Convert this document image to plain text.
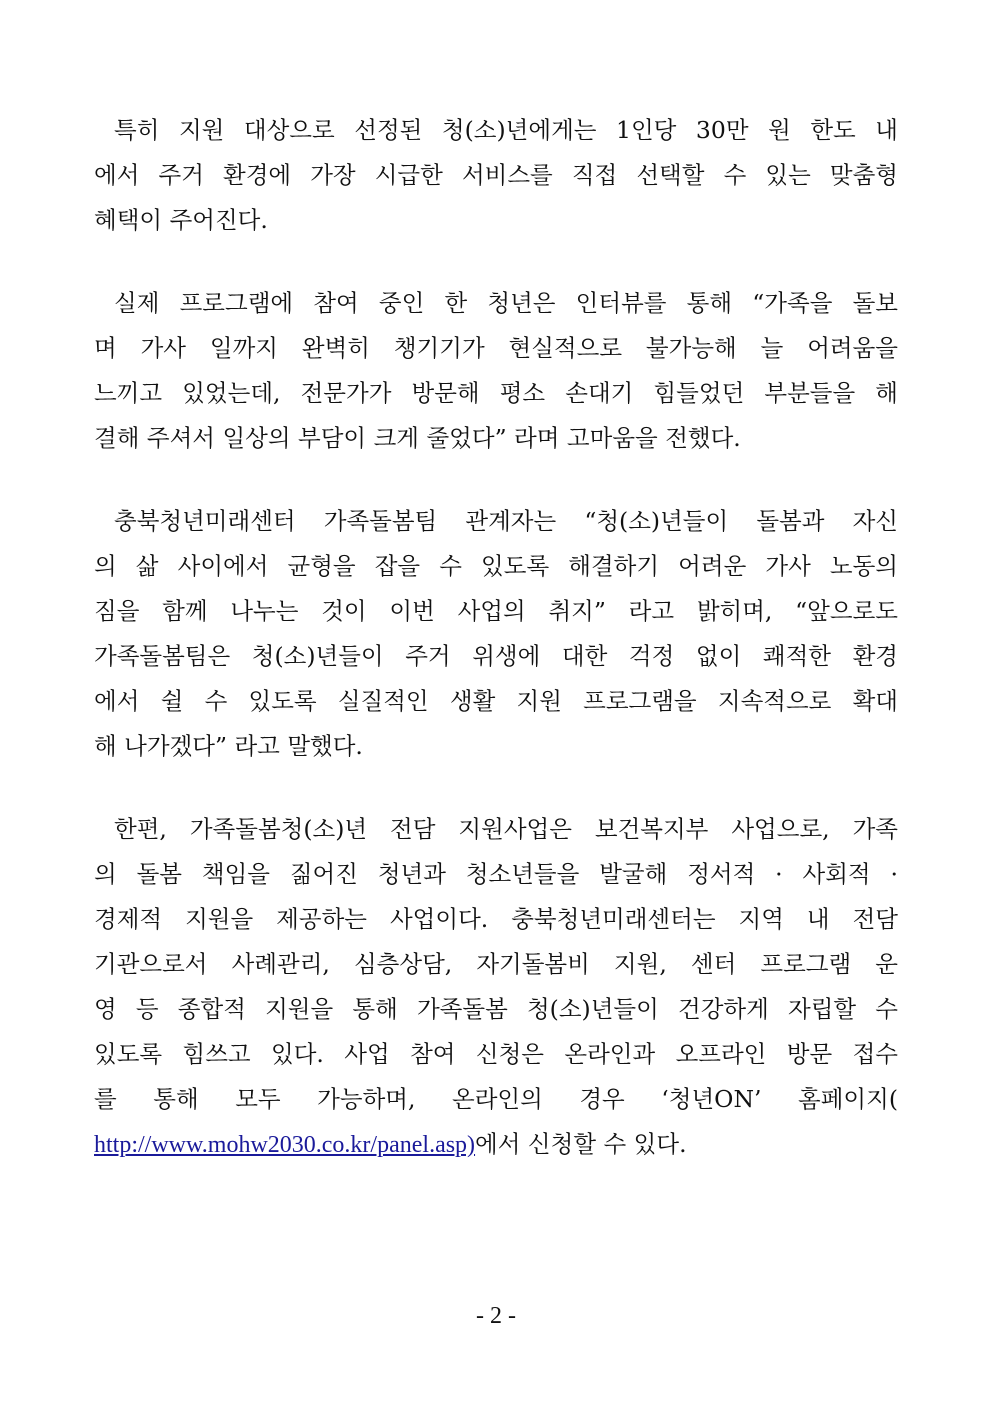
특히 지원 대상으로 선정된 청(소)년에게는 1인당 30만 원 한도 내
에서 주거 환경에 가장 시급한 서비스를 직접 선택할 수 있는 맞춤형
혜택이 주어진다.
실제 프로그램에 참여 중인 한 청년은 인터뷰를 통해 “가족을 돌보
며 가사 일까지 완벽히 챙기기가 현실적으로 불가능해 늘 어려움을
느끼고 있었는데, 전문가가 방문해 평소 손대기 힘들었던 부분들을 해
결해 주셔서 일상의 부담이 크게 줄었다” 라며 고마움을 전했다.
충북청년미래센터 가족돌봄팀 관계자는 “청(소)년들이 돌봄과 자신
의 삶 사이에서 균형을 잡을 수 있도록 해결하기 어려운 가사 노동의
짐을 함께 나누는 것이 이번 사업의 취지” 라고 밝히며, “앞으로도
가족돌봄팀은 청(소)년들이 주거 위생에 대한 걱정 없이 쾌적한 환경
에서 쉴 수 있도록 실질적인 생활 지원 프로그램을 지속적으로 확대
해 나가겠다” 라고 말했다.
한편, 가족돌봄청(소)년 전담 지원사업은 보건복지부 사업으로, 가족
의 돌봄 책임을 짊어진 청년과 청소년들을 발굴해 정서적 · 사회적 ·
경제적 지원을 제공하는 사업이다. 충북청년미래센터는 지역 내 전담
기관으로서 사례관리, 심층상담, 자기돌봄비 지원, 센터 프로그램 운
영 등 종합적 지원을 통해 가족돌봄 청(소)년들이 건강하게 자립할 수
있도록 힘쓰고 있다. 사업 참여 신청은 온라인과 오프라인 방문 접수
를 통해 모두 가능하며, 온라인의 경우 ‘청년ON’ 홈페이지(
http://www.mohw2030.co.kr/panel.asp)에서 신청할 수 있다.
- 2 -
